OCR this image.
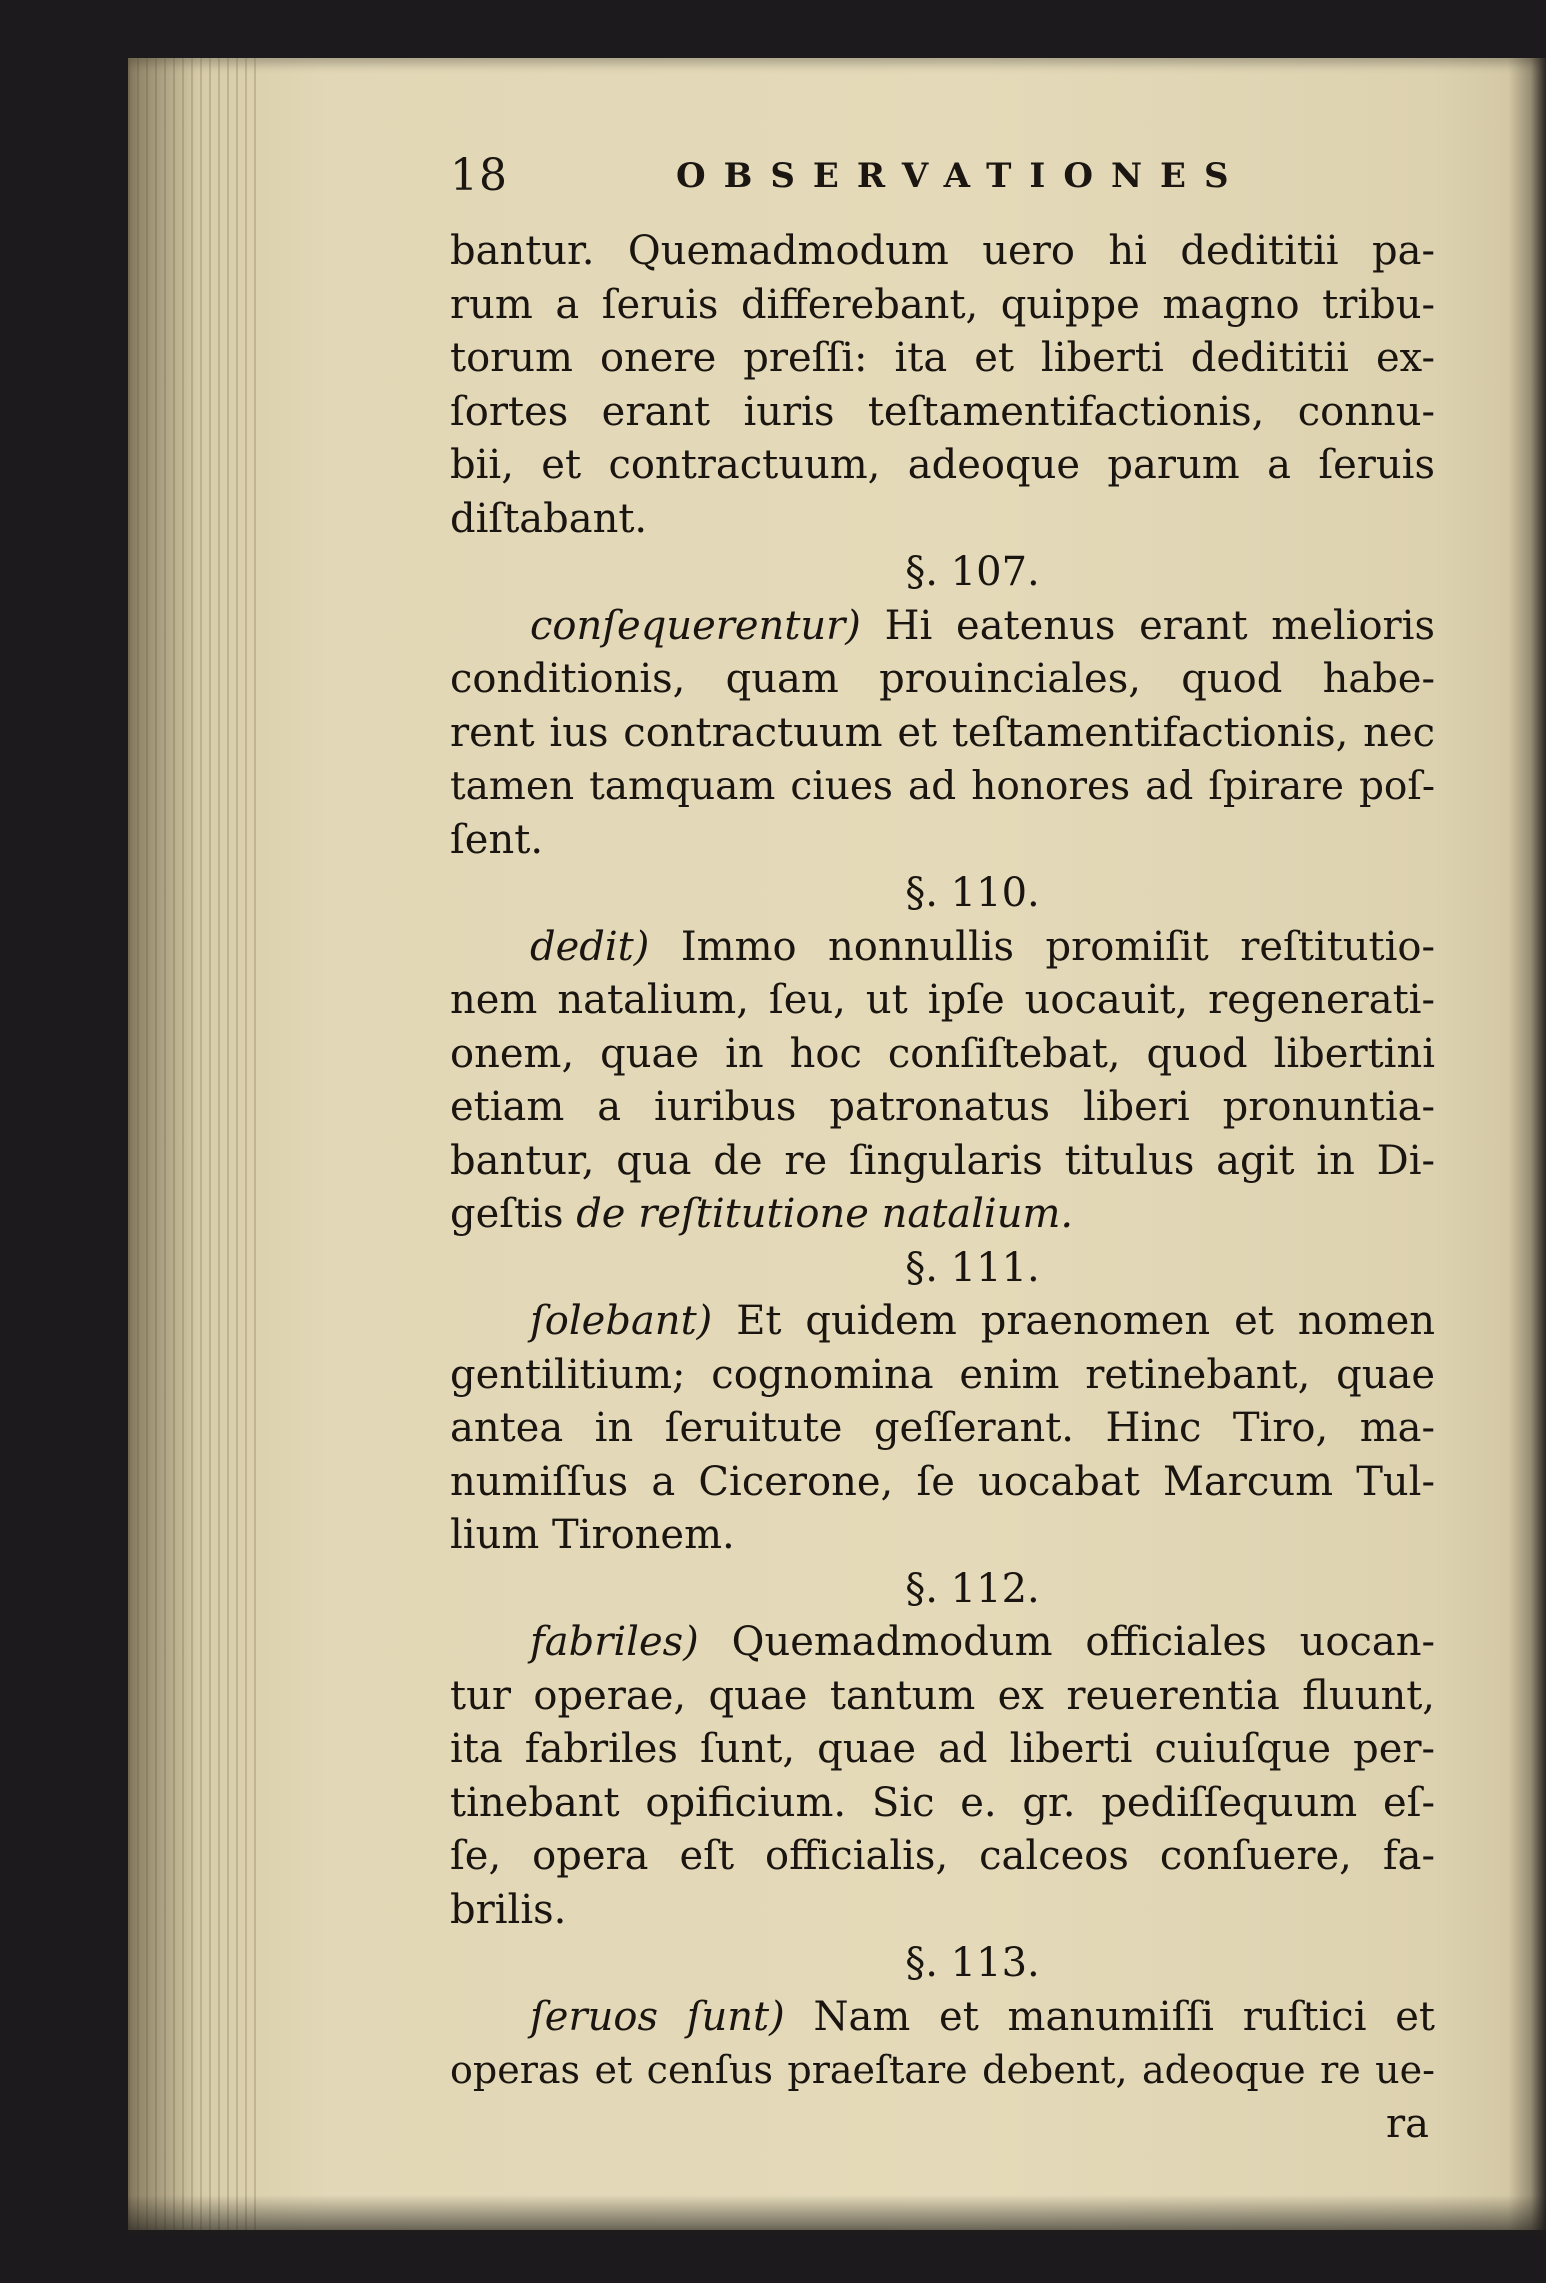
18	OBSERVATIONES
bantur. Quemadmodum uero hi dedititii pa-
rum a ſeruis differebant, quippe magno tribu-
torum onere preſſi: ita et liberti dedititii ex-
ſortes erant iuris teſtamentifactionis, connu-
bii, et contractuum, adeoque parum a ſeruis
diſtabant.
§. 107.
conſequerentur) Hi eatenus erant melioris
conditionis, quam prouinciales, quod habe-
rent ius contractuum et teſtamentifactionis, nec
tamen tamquam ciues ad honores ad ſpirare poſ-
ſent.
§. 110.
dedit) Immo nonnullis promiſit reſtitutio-
nem natalium, ſeu, ut ipſe uocauit, regenerati-
onem, quae in hoc conſiſtebat, quod libertini
etiam a iuribus patronatus liberi pronuntia-
bantur, qua de re ſingularis titulus agit in Di-
geſtis de reſtitutione natalium.
§. 111.
ſolebant) Et quidem praenomen et nomen
gentilitium; cognomina enim retinebant, quae
antea in ſeruitute geſſerant. Hinc Tiro, ma-
numiſſus a Cicerone, ſe uocabat Marcum Tul-
lium Tironem.
§. 112.
fabriles) Quemadmodum officiales uocan-
tur operae, quae tantum ex reuerentia fluunt,
ita fabriles ſunt, quae ad liberti cuiuſque per-
tinebant opificium. Sic e. gr. pediſſequum eſ-
ſe, opera eſt officialis, calceos conſuere, fa-
brilis.
§. 113.
ſeruos ſunt) Nam et manumiſſi ruſtici et
operas et cenſus praeſtare debent, adeoque re ue-
ra
